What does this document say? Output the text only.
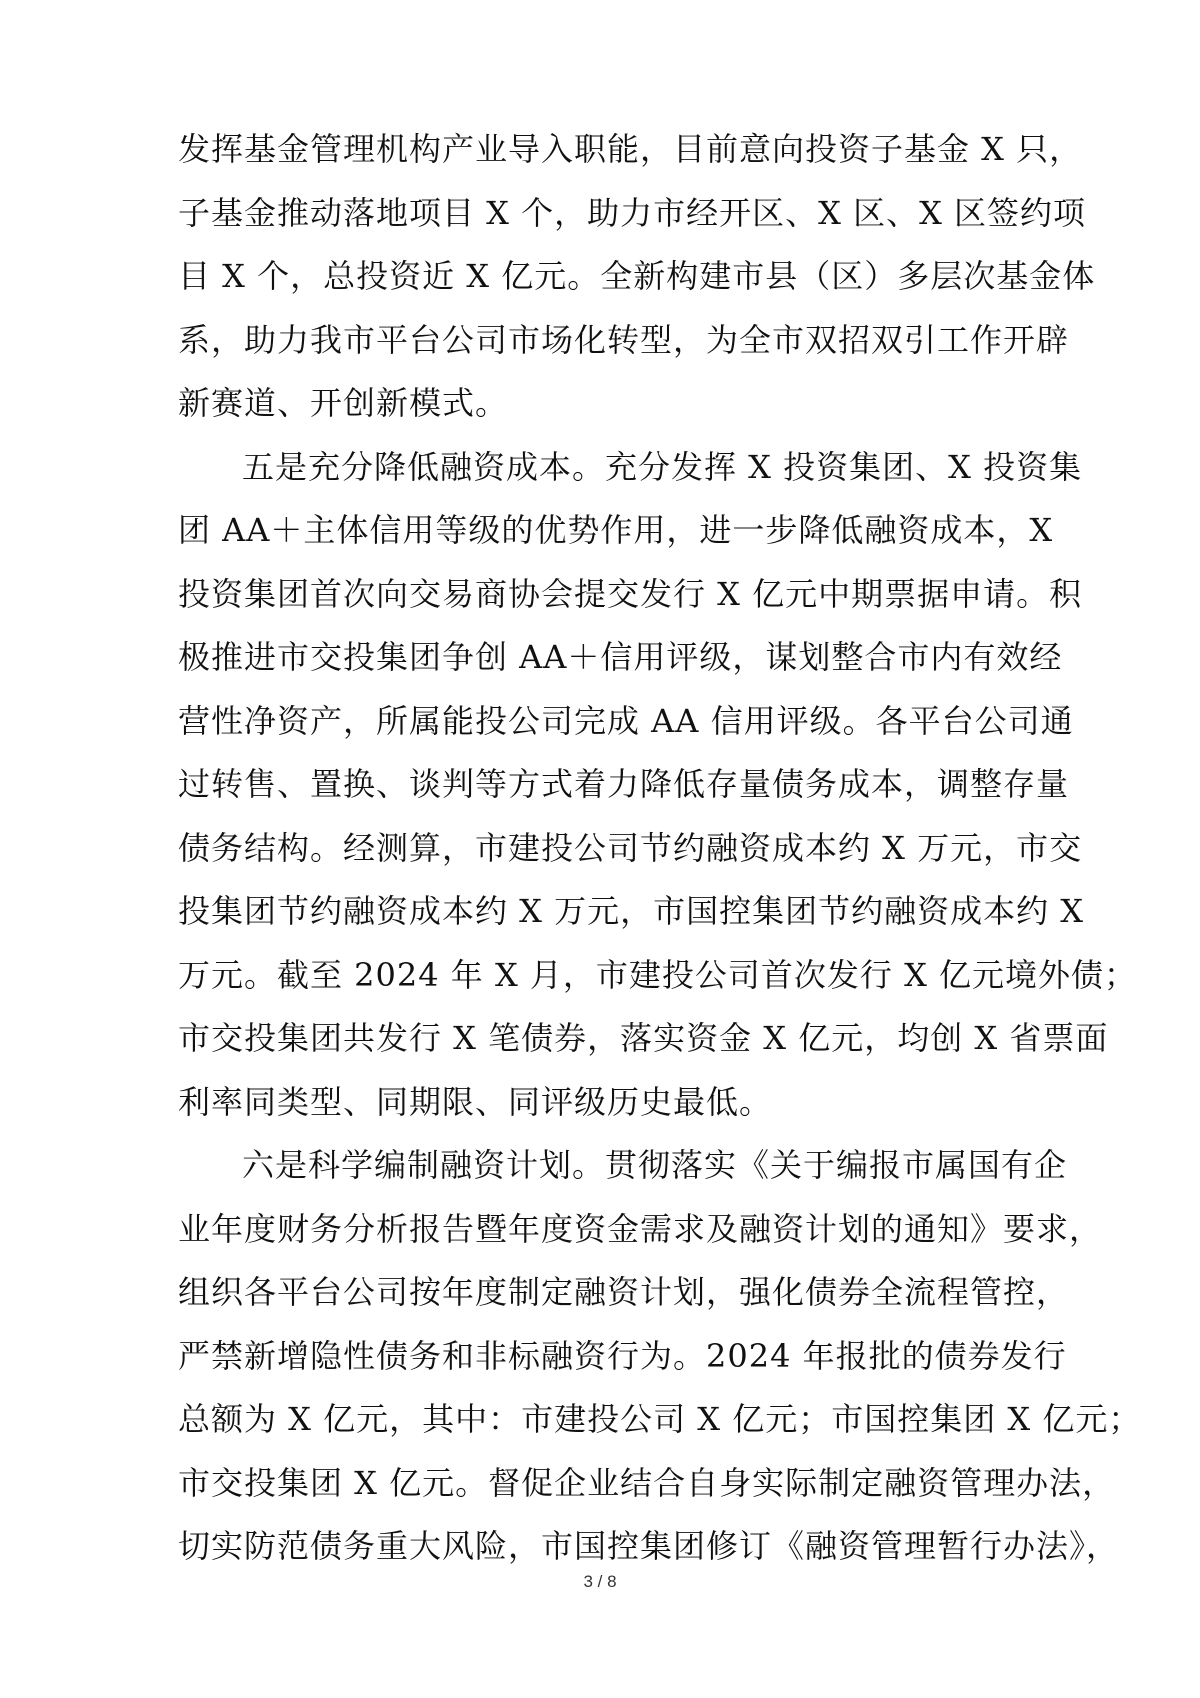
发挥基金管理机构产业导入职能，目前意向投资子基金 X 只，
子基金推动落地项目 X 个，助力市经开区、X 区、X 区签约项
目 X 个，总投资近 X 亿元。全新构建市县（区）多层次基金体
系，助力我市平台公司市场化转型，为全市双招双引工作开辟
新赛道、开创新模式。
五是充分降低融资成本。充分发挥 X 投资集团、X 投资集
团 AA＋主体信用等级的优势作用，进一步降低融资成本，X
投资集团首次向交易商协会提交发行 X 亿元中期票据申请。积
极推进市交投集团争创 AA＋信用评级，谋划整合市内有效经
营性净资产，所属能投公司完成 AA 信用评级。各平台公司通
过转售、置换、谈判等方式着力降低存量债务成本，调整存量
债务结构。经测算，市建投公司节约融资成本约 X 万元，市交
投集团节约融资成本约 X 万元，市国控集团节约融资成本约 X
万元。截至 2024 年 X 月，市建投公司首次发行 X 亿元境外债；
市交投集团共发行 X 笔债券，落实资金 X 亿元，均创 X 省票面
利率同类型、同期限、同评级历史最低。
六是科学编制融资计划。贯彻落实《关于编报市属国有企
业年度财务分析报告暨年度资金需求及融资计划的通知》要求，
组织各平台公司按年度制定融资计划，强化债券全流程管控，
严禁新增隐性债务和非标融资行为。2024 年报批的债券发行
总额为 X 亿元，其中：市建投公司 X 亿元；市国控集团 X 亿元；
市交投集团 X 亿元。督促企业结合自身实际制定融资管理办法，
切实防范债务重大风险，市国控集团修订《融资管理暂行办法》，
3 / 8
